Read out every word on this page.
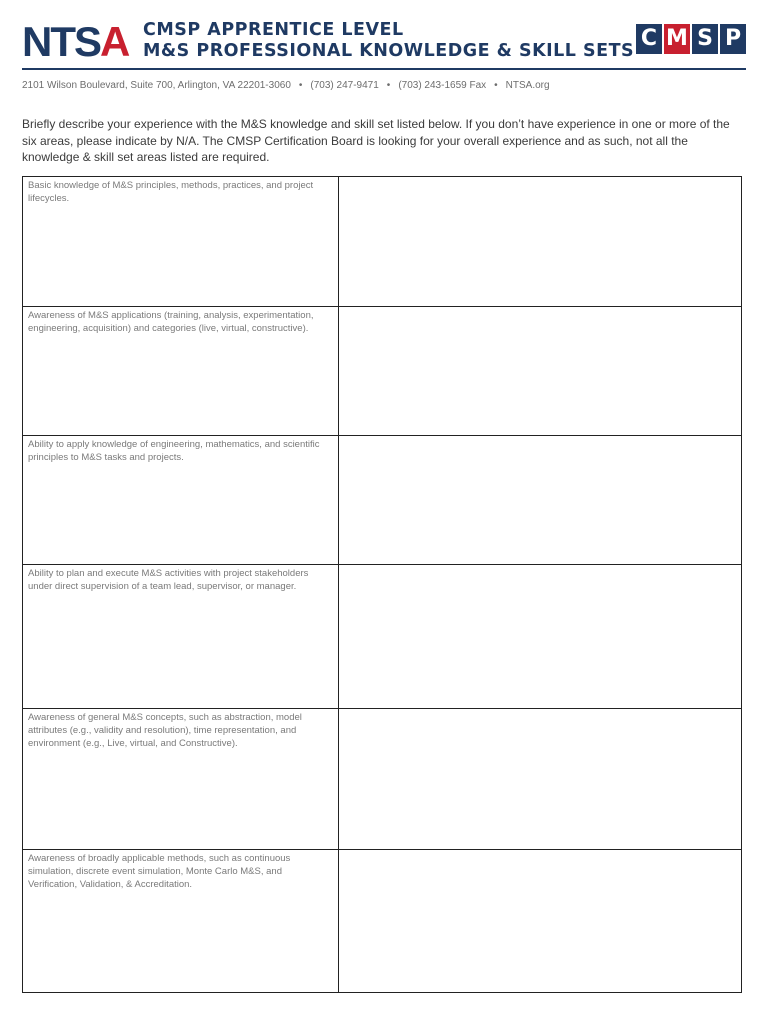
NTSA CMSP APPRENTICE LEVEL
M&S PROFESSIONAL KNOWLEDGE & SKILL SETS C M S P
2101 Wilson Boulevard, Suite 700, Arlington, VA 22201-3060 • (703) 247-9471 • (703) 243-1659 Fax • NTSA.org
Briefly describe your experience with the M&S knowledge and skill set listed below. If you don’t have experience in one or more of the six areas, please indicate by N/A. The CMSP Certification Board is looking for your overall experience and as such, not all the knowledge & skill set areas listed are required.
Basic knowledge of M&S principles, methods, practices, and project lifecycles.	
Awareness of M&S applications (training, analysis, experimentation, engineering, acquisition) and categories (live, virtual, constructive).	
Ability to apply knowledge of engineering, mathematics, and scientific principles to M&S tasks and projects.	
Ability to plan and execute M&S activities with project stakeholders under direct supervision of a team lead, supervisor, or manager.	
Awareness of general M&S concepts, such as abstraction, model attributes (e.g., validity and resolution), time representation, and environment (e.g., Live, virtual, and Constructive).	
Awareness of broadly applicable methods, such as continuous simulation, discrete event simulation, Monte Carlo M&S, and Verification, Validation, & Accreditation.	
